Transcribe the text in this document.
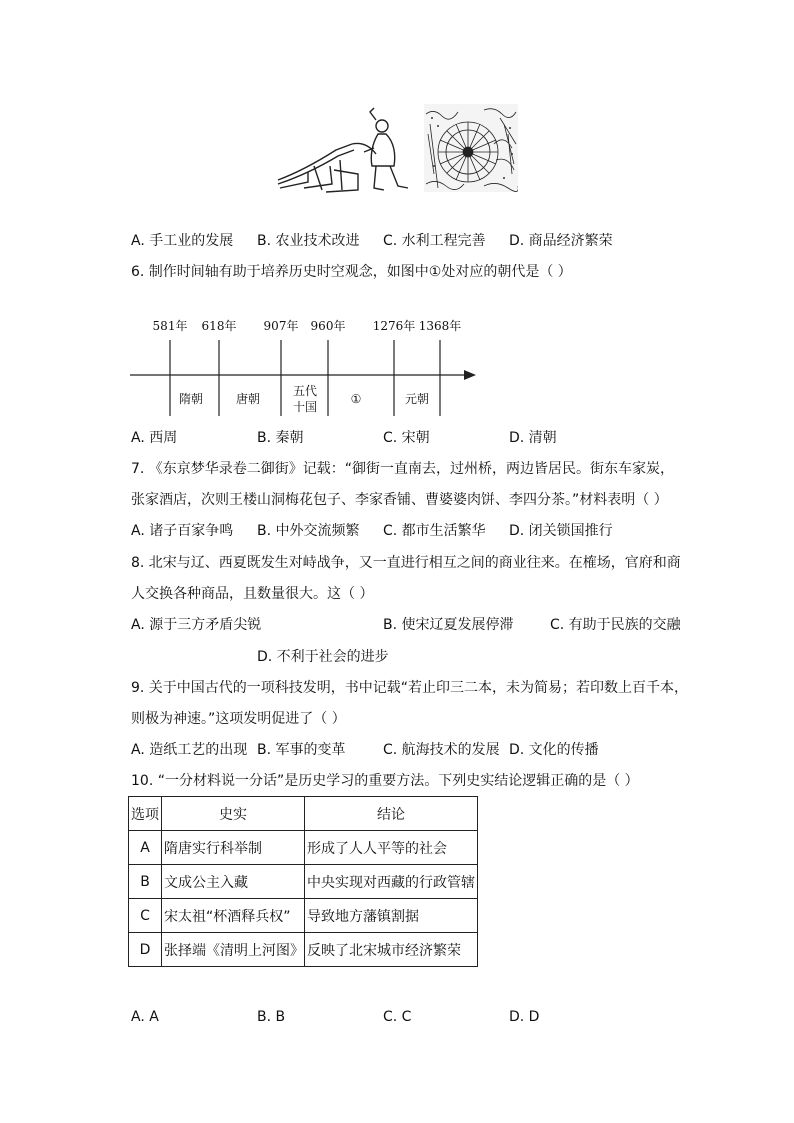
A. 手工业的发展 B. 农业技术改进 C. 水利工程完善 D. 商品经济繁荣
6. 制作时间轴有助于培养历史时空观念，如图中①处对应的朝代是（ ）
581年 618年 907年 960年 1276年 1368年
隋朝	唐朝
五代
十国
①	元朝
A. 西周	B. 秦朝	C. 宋朝	D. 清朝
7. 《东京梦华录卷二御街》记载：“御街一直南去，过州桥，两边皆居民。街东车家炭，
张家酒店，次则王楼山洞梅花包子、李家香铺、曹婆婆肉饼、李四分茶。”材料表明（ ）
A. 诸子百家争鸣 B. 中外交流频繁 C. 都市生活繁华 D. 闭关锁国推行
8. 北宋与辽、西夏既发生对峙战争，又一直进行相互之间的商业往来。在榷场，官府和商
人交换各种商品，且数量很大。这（ ）
A. 源于三方矛盾尖锐	B. 使宋辽夏发展停滞	C. 有助于民族的交融
D. 不利于社会的进步
9. 关于中国古代的一项科技发明，书中记载“若止印三二本，未为简易；若印数上百千本，
则极为神速。”这项发明促进了（ ）
A. 造纸工艺的出现 B. 军事的变革	C. 航海技术的发展 D. 文化的传播
10. “一分材料说一分话”是历史学习的重要方法。下列史实结论逻辑正确的是（ ）
选项	史实	结论
A	隋唐实行科举制	形成了人人平等的社会
B	文成公主入藏	中央实现对西藏的行政管辖
C	宋太祖“杯酒释兵权”	导致地方藩镇割据
D	张择端《清明上河图》	反映了北宋城市经济繁荣
A. A	B. B	C. C	D. D
